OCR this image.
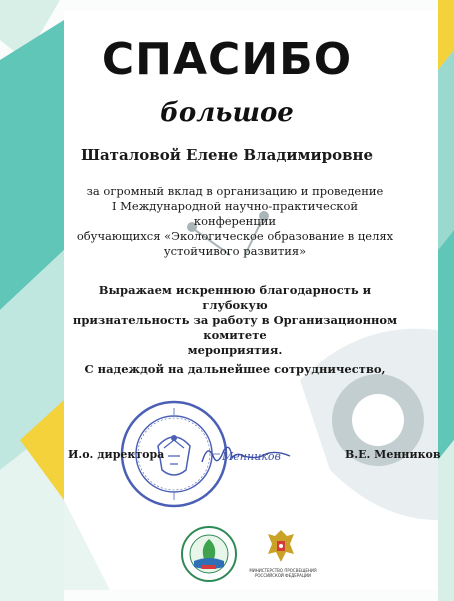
СПАСИБО
большое
Шаталовой Елене Владимировне
за огромный вклад в организацию и проведение
I Международной научно-практической конференции
обучающихся «Экологическое образование в целях
устойчивого развития»
Выражаем искреннюю благодарность и глубокую
признательность за работу в Организационном комитете
мероприятия.
С надеждой на дальнейшее сотрудничество,
Менников
И.о. директора	В.Е. Менников
МИНИСТЕРСТВО ПРОСВЕЩЕНИЯ РОССИЙСКОЙ ФЕДЕРАЦИИ
